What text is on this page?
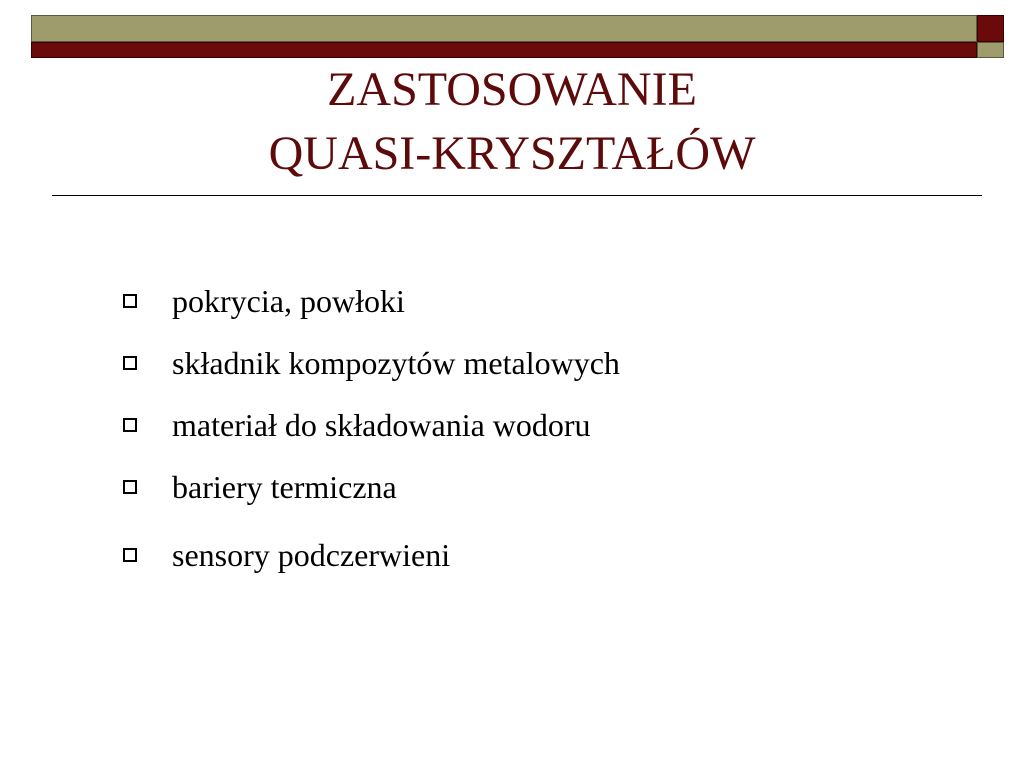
ZASTOSOWANIE
QUASI-KRYSZTAŁÓW
pokrycia, powłoki
składnik kompozytów metalowych
materiał do składowania wodoru
bariery termiczna
sensory podczerwieni
